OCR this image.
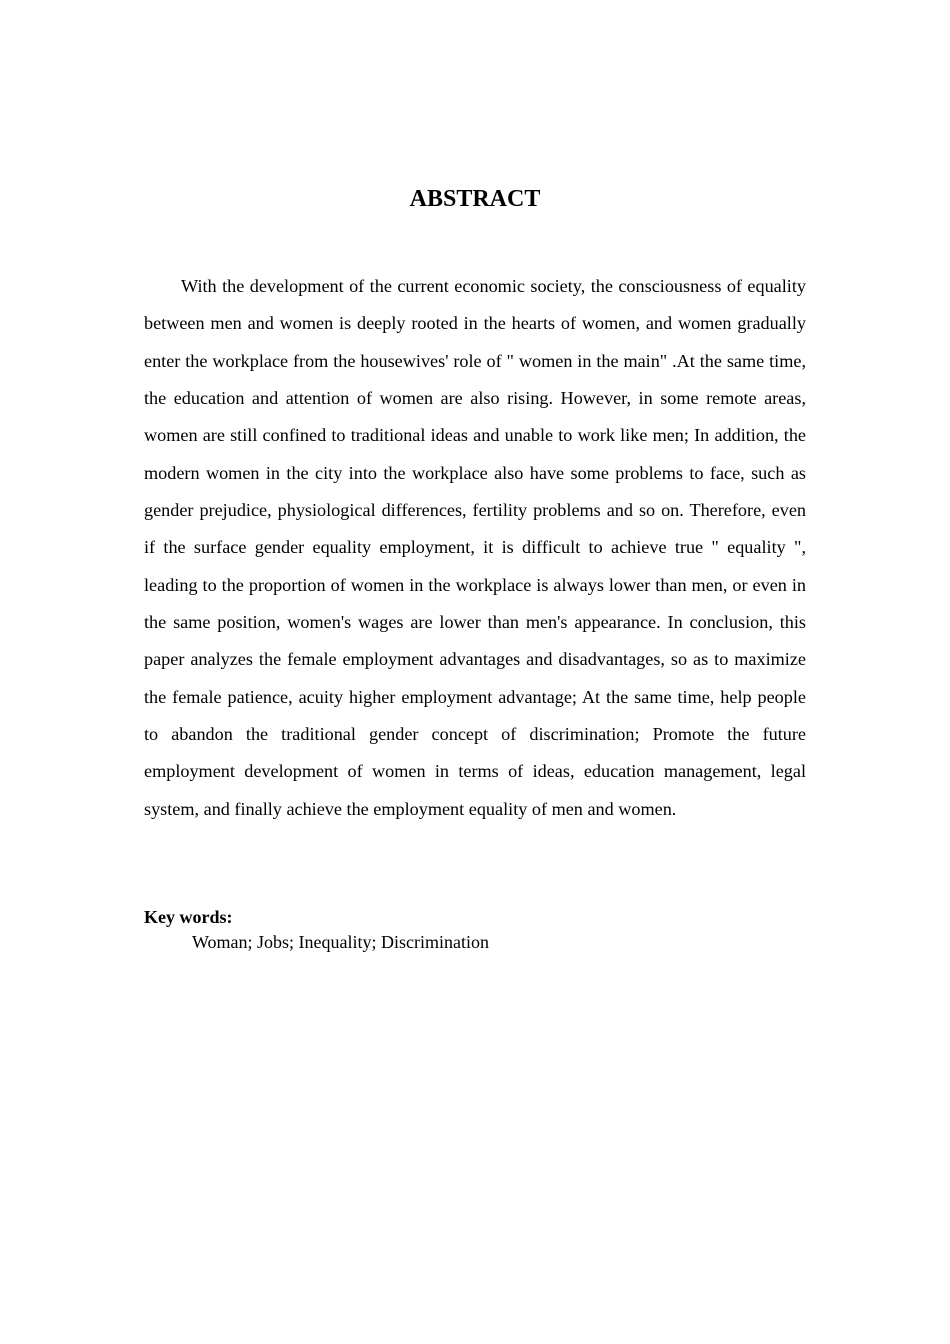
ABSTRACT

With the development of the current economic society, the consciousness of equality between men and women is deeply rooted in the hearts of women, and women gradually enter the workplace from the housewives' role of " women in the main" .At the same time, the education and attention of women are also rising. However, in some remote areas, women are still confined to traditional ideas and unable to work like men; In addition, the modern women in the city into the workplace also have some problems to face, such as gender prejudice, physiological differences, fertility problems and so on. Therefore, even if the surface gender equality employment, it is difficult to achieve true " equality ", leading to the proportion of women in the workplace is always lower than men, or even in the same position, women's wages are lower than men's appearance. In conclusion, this paper analyzes the female employment advantages and disadvantages, so as to maximize the female patience, acuity higher employment advantage; At the same time, help people to abandon the traditional gender concept of discrimination; Promote the future employment development of women in terms of ideas, education management, legal system, and finally achieve the employment equality of men and women.

Key words:
Woman; Jobs; Inequality; Discrimination
